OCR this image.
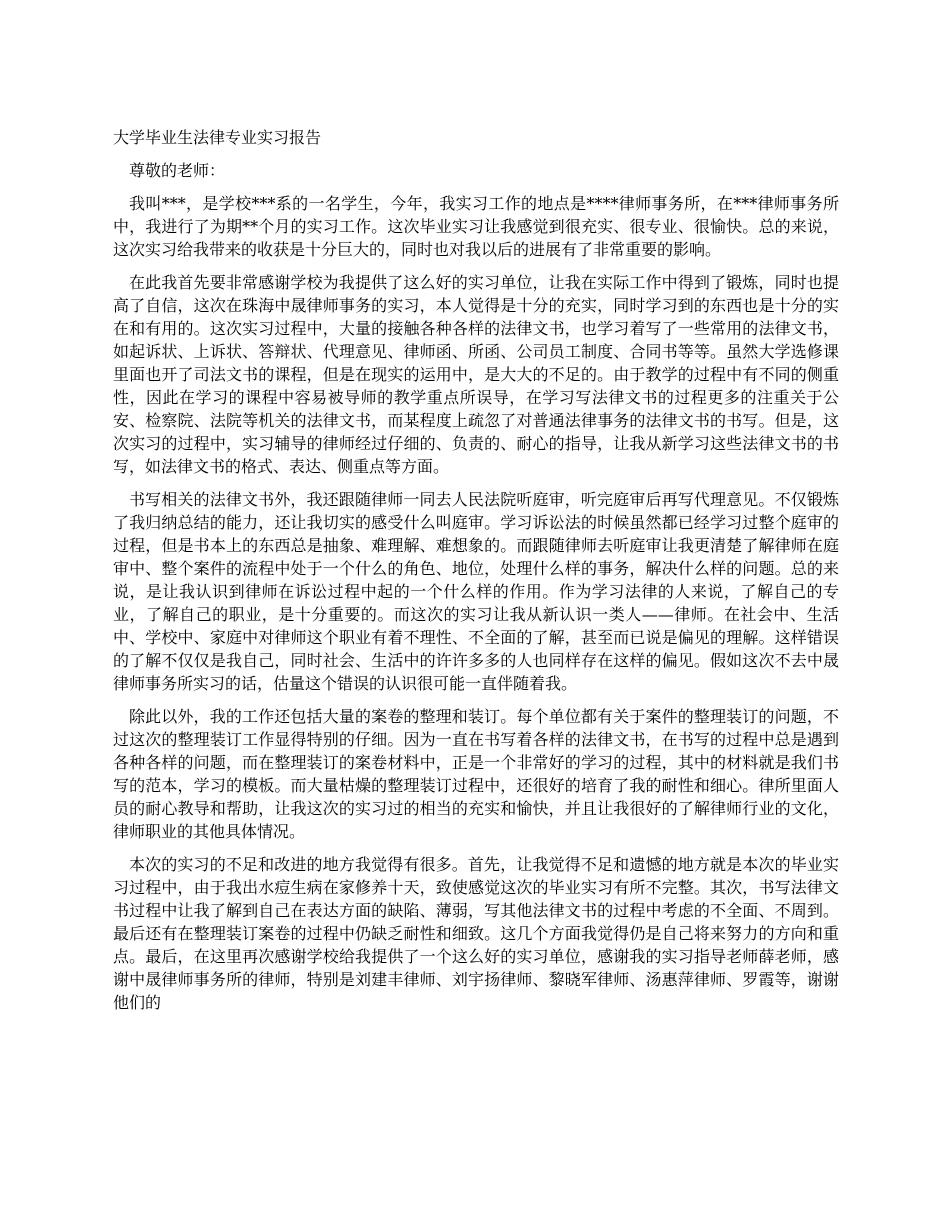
大学毕业生法律专业实习报告
尊敬的老师：

我叫***，是学校***系的一名学生，今年，我实习工作的地点是****律师事务所，在***律师事务所中，我进行了为期**个月的实习工作。这次毕业实习让我感觉到很充实、很专业、很愉快。总的来说，这次实习给我带来的收获是十分巨大的，同时也对我以后的进展有了非常重要的影响。

在此我首先要非常感谢学校为我提供了这么好的实习单位，让我在实际工作中得到了锻炼，同时也提高了自信，这次在珠海中晟律师事务的实习，本人觉得是十分的充实，同时学习到的东西也是十分的实在和有用的。这次实习过程中，大量的接触各种各样的法律文书，也学习着写了一些常用的法律文书，如起诉状、上诉状、答辩状、代理意见、律师函、所函、公司员工制度、合同书等等。虽然大学选修课里面也开了司法文书的课程，但是在现实的运用中，是大大的不足的。由于教学的过程中有不同的侧重性，因此在学习的课程中容易被导师的教学重点所误导，在学习写法律文书的过程更多的注重关于公安、检察院、法院等机关的法律文书，而某程度上疏忽了对普通法律事务的法律文书的书写。但是，这次实习的过程中，实习辅导的律师经过仔细的、负责的、耐心的指导，让我从新学习这些法律文书的书写，如法律文书的格式、表达、侧重点等方面。

书写相关的法律文书外，我还跟随律师一同去人民法院听庭审，听完庭审后再写代理意见。不仅锻炼了我归纳总结的能力，还让我切实的感受什么叫庭审。学习诉讼法的时候虽然都已经学习过整个庭审的过程，但是书本上的东西总是抽象、难理解、难想象的。而跟随律师去听庭审让我更清楚了解律师在庭审中、整个案件的流程中处于一个什么的角色、地位，处理什么样的事务，解决什么样的问题。总的来说，是让我认识到律师在诉讼过程中起的一个什么样的作用。作为学习法律的人来说，了解自己的专业，了解自己的职业，是十分重要的。而这次的实习让我从新认识一类人——律师。在社会中、生活中、学校中、家庭中对律师这个职业有着不理性、不全面的了解，甚至而已说是偏见的理解。这样错误的了解不仅仅是我自己，同时社会、生活中的许许多多的人也同样存在这样的偏见。假如这次不去中晟律师事务所实习的话，估量这个错误的认识很可能一直伴随着我。

除此以外，我的工作还包括大量的案卷的整理和装订。每个单位都有关于案件的整理装订的问题，不过这次的整理装订工作显得特别的仔细。因为一直在书写着各样的法律文书，在书写的过程中总是遇到各种各样的问题，而在整理装订的案卷材料中，正是一个非常好的学习的过程，其中的材料就是我们书写的范本，学习的模板。而大量枯燥的整理装订过程中，还很好的培育了我的耐性和细心。律所里面人员的耐心教导和帮助，让我这次的实习过的相当的充实和愉快，并且让我很好的了解律师行业的文化，律师职业的其他具体情况。

本次的实习的不足和改进的地方我觉得有很多。首先，让我觉得不足和遗憾的地方就是本次的毕业实习过程中，由于我出水痘生病在家修养十天，致使感觉这次的毕业实习有所不完整。其次，书写法律文书过程中让我了解到自己在表达方面的缺陷、薄弱，写其他法律文书的过程中考虑的不全面、不周到。最后还有在整理装订案卷的过程中仍缺乏耐性和细致。这几个方面我觉得仍是自己将来努力的方向和重点。最后，在这里再次感谢学校给我提供了一个这么好的实习单位，感谢我的实习指导老师薛老师，感谢中晟律师事务所的律师，特别是刘建丰律师、刘宇扬律师、黎晓军律师、汤惠萍律师、罗霞等，谢谢他们的
